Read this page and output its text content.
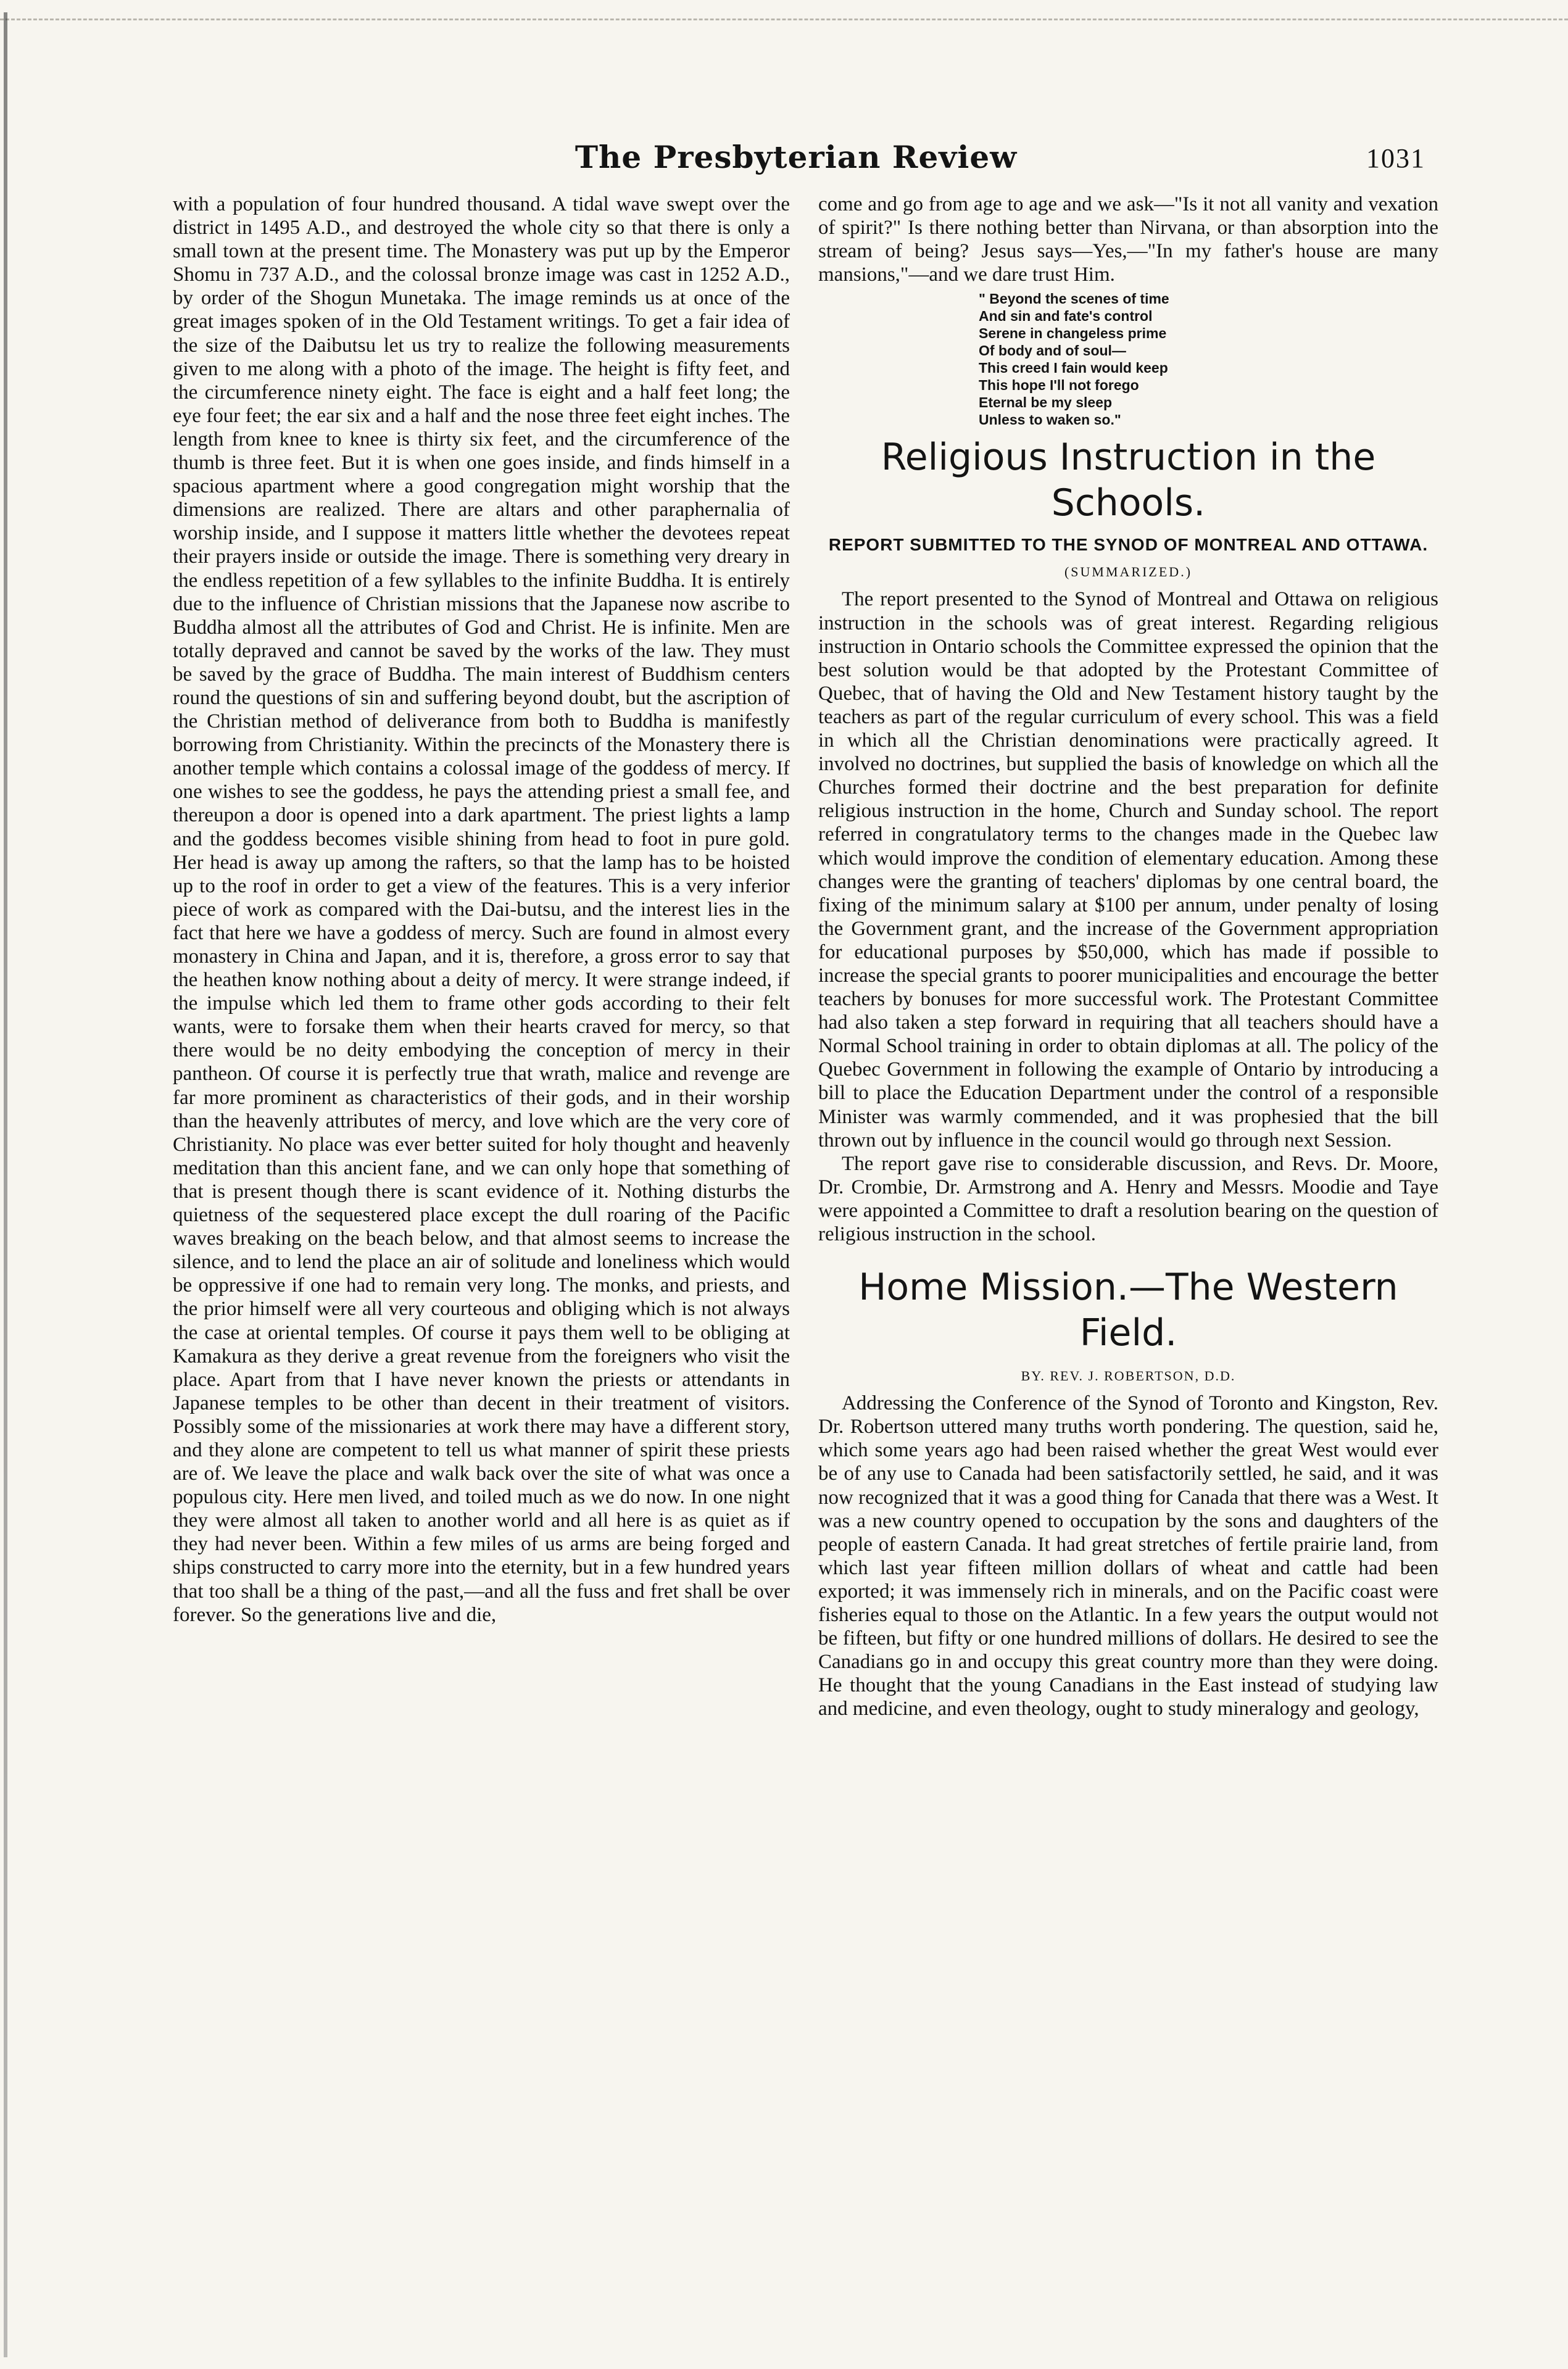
The Presbyterian Review	1031

with a population of four hundred thousand. A tidal wave swept over the district in 1495 A.D., and destroyed the whole city so that there is only a small town at the present time. The Monastery was put up by the Emperor Shomu in 737 A.D., and the colossal bronze image was cast in 1252 A.D., by order of the Shogun Munetaka. The image reminds us at once of the great images spoken of in the Old Testament writings. To get a fair idea of the size of the Daibutsu let us try to realize the following measurements given to me along with a photo of the image. The height is fifty feet, and the circumference ninety eight. The face is eight and a half feet long; the eye four feet; the ear six and a half and the nose three feet eight inches. The length from knee to knee is thirty six feet, and the circumference of the thumb is three feet. But it is when one goes inside, and finds himself in a spacious apartment where a good congregation might worship that the dimensions are realized. There are altars and other paraphernalia of worship inside, and I suppose it matters little whether the devotees repeat their prayers inside or outside the image. There is something very dreary in the endless repetition of a few syllables to the infinite Buddha. It is entirely due to the influence of Christian missions that the Japanese now ascribe to Buddha almost all the attributes of God and Christ. He is infinite. Men are totally depraved and cannot be saved by the works of the law. They must be saved by the grace of Buddha. The main interest of Buddhism centers round the questions of sin and suffering beyond doubt, but the ascription of the Christian method of deliverance from both to Buddha is manifestly borrowing from Christianity. Within the precincts of the Monastery there is another temple which contains a colossal image of the goddess of mercy. If one wishes to see the goddess, he pays the attending priest a small fee, and thereupon a door is opened into a dark apartment. The priest lights a lamp and the goddess becomes visible shining from head to foot in pure gold. Her head is away up among the rafters, so that the lamp has to be hoisted up to the roof in order to get a view of the features. This is a very inferior piece of work as compared with the Dai-butsu, and the interest lies in the fact that here we have a goddess of mercy. Such are found in almost every monastery in China and Japan, and it is, therefore, a gross error to say that the heathen know nothing about a deity of mercy. It were strange indeed, if the impulse which led them to frame other gods according to their felt wants, were to forsake them when their hearts craved for mercy, so that there would be no deity embodying the conception of mercy in their pantheon. Of course it is perfectly true that wrath, malice and revenge are far more prominent as characteristics of their gods, and in their worship than the heavenly attributes of mercy, and love which are the very core of Christianity. No place was ever better suited for holy thought and heavenly meditation than this ancient fane, and we can only hope that something of that is present though there is scant evidence of it. Nothing disturbs the quietness of the sequestered place except the dull roaring of the Pacific waves breaking on the beach below, and that almost seems to increase the silence, and to lend the place an air of solitude and loneliness which would be oppressive if one had to remain very long. The monks, and priests, and the prior himself were all very courteous and obliging which is not always the case at oriental temples. Of course it pays them well to be obliging at Kamakura as they derive a great revenue from the foreigners who visit the place. Apart from that I have never known the priests or attendants in Japanese temples to be other than decent in their treatment of visitors. Possibly some of the missionaries at work there may have a different story, and they alone are competent to tell us what manner of spirit these priests are of. We leave the place and walk back over the site of what was once a populous city. Here men lived, and toiled much as we do now. In one night they were almost all taken to another world and all here is as quiet as if they had never been. Within a few miles of us arms are being forged and ships constructed to carry more into the eternity, but in a few hundred years that too shall be a thing of the past,—and all the fuss and fret shall be over forever. So the generations live and die,

come and go from age to age and we ask—"Is it not all vanity and vexation of spirit?" Is there nothing better than Nirvana, or than absorption into the stream of being? Jesus says—Yes,—"In my father's house are many mansions,"—and we dare trust Him.

" Beyond the scenes of time
And sin and fate's control
Serene in changeless prime
Of body and of soul—
This creed I fain would keep
This hope I'll not forego
Eternal be my sleep
Unless to waken so."
Religious Instruction in the Schools.
REPORT SUBMITTED TO THE SYNOD OF MONTREAL AND OTTAWA.
(SUMMARIZED.)

The report presented to the Synod of Montreal and Ottawa on religious instruction in the schools was of great interest. Regarding religious instruction in Ontario schools the Committee expressed the opinion that the best solution would be that adopted by the Protestant Committee of Quebec, that of having the Old and New Testament history taught by the teachers as part of the regular curriculum of every school. This was a field in which all the Christian denominations were practically agreed. It involved no doctrines, but supplied the basis of knowledge on which all the Churches formed their doctrine and the best preparation for definite religious instruction in the home, Church and Sunday school. The report referred in congratulatory terms to the changes made in the Quebec law which would improve the condition of elementary education. Among these changes were the granting of teachers' diplomas by one central board, the fixing of the minimum salary at $100 per annum, under penalty of losing the Government grant, and the increase of the Government appropriation for educational purposes by $50,000, which has made if possible to increase the special grants to poorer municipalities and encourage the better teachers by bonuses for more successful work. The Protestant Committee had also taken a step forward in requiring that all teachers should have a Normal School training in order to obtain diplomas at all. The policy of the Quebec Government in following the example of Ontario by introducing a bill to place the Education Department under the control of a responsible Minister was warmly commended, and it was prophesied that the bill thrown out by influence in the council would go through next Session.

The report gave rise to considerable discussion, and Revs. Dr. Moore, Dr. Crombie, Dr. Armstrong and A. Henry and Messrs. Moodie and Taye were appointed a Committee to draft a resolution bearing on the question of religious instruction in the school.

Home Mission.—The Western Field.
BY. REV. J. ROBERTSON, D.D.

Addressing the Conference of the Synod of Toronto and Kingston, Rev. Dr. Robertson uttered many truths worth pondering. The question, said he, which some years ago had been raised whether the great West would ever be of any use to Canada had been satisfactorily settled, he said, and it was now recognized that it was a good thing for Canada that there was a West. It was a new country opened to occupation by the sons and daughters of the people of eastern Canada. It had great stretches of fertile prairie land, from which last year fifteen million dollars of wheat and cattle had been exported; it was immensely rich in minerals, and on the Pacific coast were fisheries equal to those on the Atlantic. In a few years the output would not be fifteen, but fifty or one hundred millions of dollars. He desired to see the Canadians go in and occupy this great country more than they were doing. He thought that the young Canadians in the East instead of studying law and medicine, and even theology, ought to study mineralogy and geology,
